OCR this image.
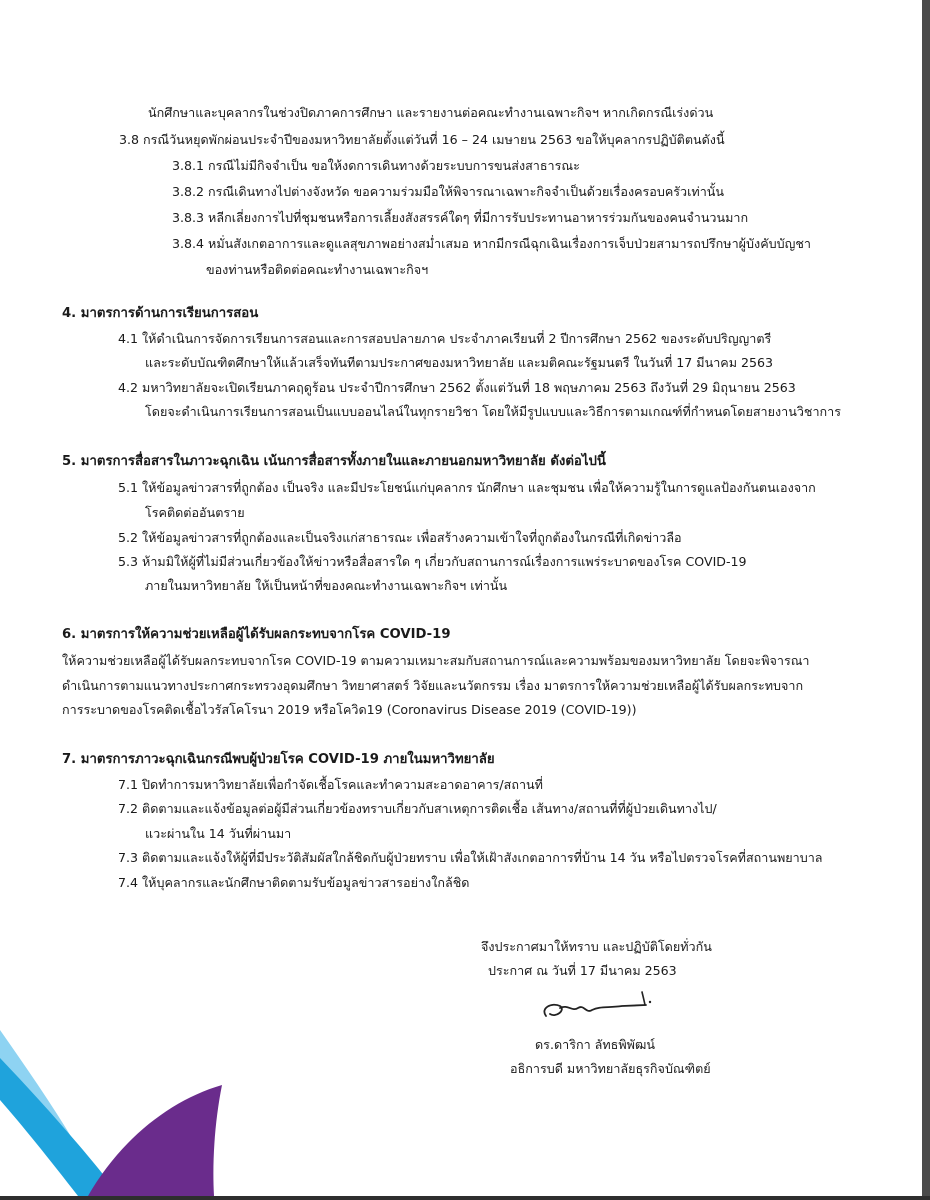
นักศึกษาและบุคลากรในช่วงปิดภาคการศึกษา และรายงานต่อคณะทำงานเฉพาะกิจฯ หากเกิดกรณีเร่งด่วน

3.8 กรณีวันหยุดพักผ่อนประจำปีของมหาวิทยาลัยตั้งแต่วันที่ 16 – 24 เมษายน 2563 ขอให้บุคลากรปฏิบัติตนดังนี้

3.8.1 กรณีไม่มีกิจจำเป็น ขอให้งดการเดินทางด้วยระบบการขนส่งสาธารณะ

3.8.2 กรณีเดินทางไปต่างจังหวัด ขอความร่วมมือให้พิจารณาเฉพาะกิจจำเป็นด้วยเรื่องครอบครัวเท่านั้น

3.8.3 หลีกเลี่ยงการไปที่ชุมชนหรือการเลี้ยงสังสรรค์ใดๆ ที่มีการรับประทานอาหารร่วมกันของคนจำนวนมาก

3.8.4 หมั่นสังเกตอาการและดูแลสุขภาพอย่างสม่ำเสมอ หากมีกรณีฉุกเฉินเรื่องการเจ็บป่วยสามารถปรึกษาผู้บังคับบัญชา

ของท่านหรือติดต่อคณะทำงานเฉพาะกิจฯ

4. มาตรการด้านการเรียนการสอน

4.1 ให้ดำเนินการจัดการเรียนการสอนและการสอบปลายภาค ประจำภาคเรียนที่ 2 ปีการศึกษา 2562 ของระดับปริญญาตรี

และระดับบัณฑิตศึกษาให้แล้วเสร็จทันทีตามประกาศของมหาวิทยาลัย และมติคณะรัฐมนตรี ในวันที่ 17 มีนาคม 2563

4.2 มหาวิทยาลัยจะเปิดเรียนภาคฤดูร้อน ประจำปีการศึกษา 2562 ตั้งแต่วันที่ 18 พฤษภาคม 2563 ถึงวันที่ 29 มิถุนายน 2563

โดยจะดำเนินการเรียนการสอนเป็นแบบออนไลน์ในทุกรายวิชา โดยให้มีรูปแบบและวิธีการตามเกณฑ์ที่กำหนดโดยสายงานวิชาการ

5. มาตรการสื่อสารในภาวะฉุกเฉิน เน้นการสื่อสารทั้งภายในและภายนอกมหาวิทยาลัย ดังต่อไปนี้

5.1 ให้ข้อมูลข่าวสารที่ถูกต้อง เป็นจริง และมีประโยชน์แก่บุคลากร นักศึกษา และชุมชน เพื่อให้ความรู้ในการดูแลป้องกันตนเองจาก

โรคติดต่ออันตราย

5.2 ให้ข้อมูลข่าวสารที่ถูกต้องและเป็นจริงแก่สาธารณะ เพื่อสร้างความเข้าใจที่ถูกต้องในกรณีที่เกิดข่าวลือ

5.3 ห้ามมิให้ผู้ที่ไม่มีส่วนเกี่ยวข้องให้ข่าวหรือสื่อสารใด ๆ เกี่ยวกับสถานการณ์เรื่องการแพร่ระบาดของโรค COVID-19

ภายในมหาวิทยาลัย ให้เป็นหน้าที่ของคณะทำงานเฉพาะกิจฯ เท่านั้น

6. มาตรการให้ความช่วยเหลือผู้ได้รับผลกระทบจากโรค COVID-19

ให้ความช่วยเหลือผู้ได้รับผลกระทบจากโรค COVID-19 ตามความเหมาะสมกับสถานการณ์และความพร้อมของมหาวิทยาลัย โดยจะพิจารณา

ดำเนินการตามแนวทางประกาศกระทรวงอุดมศึกษา วิทยาศาสตร์ วิจัยและนวัตกรรม เรื่อง มาตรการให้ความช่วยเหลือผู้ได้รับผลกระทบจาก

การระบาดของโรคติดเชื้อไวรัสโคโรนา 2019 หรือโควิด19 (Coronavirus Disease 2019 (COVID-19))

7. มาตรการภาวะฉุกเฉินกรณีพบผู้ป่วยโรค COVID-19 ภายในมหาวิทยาลัย

7.1 ปิดทำการมหาวิทยาลัยเพื่อกำจัดเชื้อโรคและทำความสะอาดอาคาร/สถานที่

7.2 ติดตามและแจ้งข้อมูลต่อผู้มีส่วนเกี่ยวข้องทราบเกี่ยวกับสาเหตุการติดเชื้อ เส้นทาง/สถานที่ที่ผู้ป่วยเดินทางไป/

แวะผ่านใน 14 วันที่ผ่านมา

7.3 ติดตามและแจ้งให้ผู้ที่มีประวัติสัมผัสใกล้ชิดกับผู้ป่วยทราบ เพื่อให้เฝ้าสังเกตอาการที่บ้าน 14 วัน หรือไปตรวจโรคที่สถานพยาบาล

7.4 ให้บุคลากรและนักศึกษาติดตามรับข้อมูลข่าวสารอย่างใกล้ชิด

จึงประกาศมาให้ทราบ และปฏิบัติโดยทั่วกัน

ประกาศ ณ วันที่ 17 มีนาคม 2563

ดร.ดาริกา ลัทธพิพัฒน์

อธิการบดี มหาวิทยาลัยธุรกิจบัณฑิตย์
